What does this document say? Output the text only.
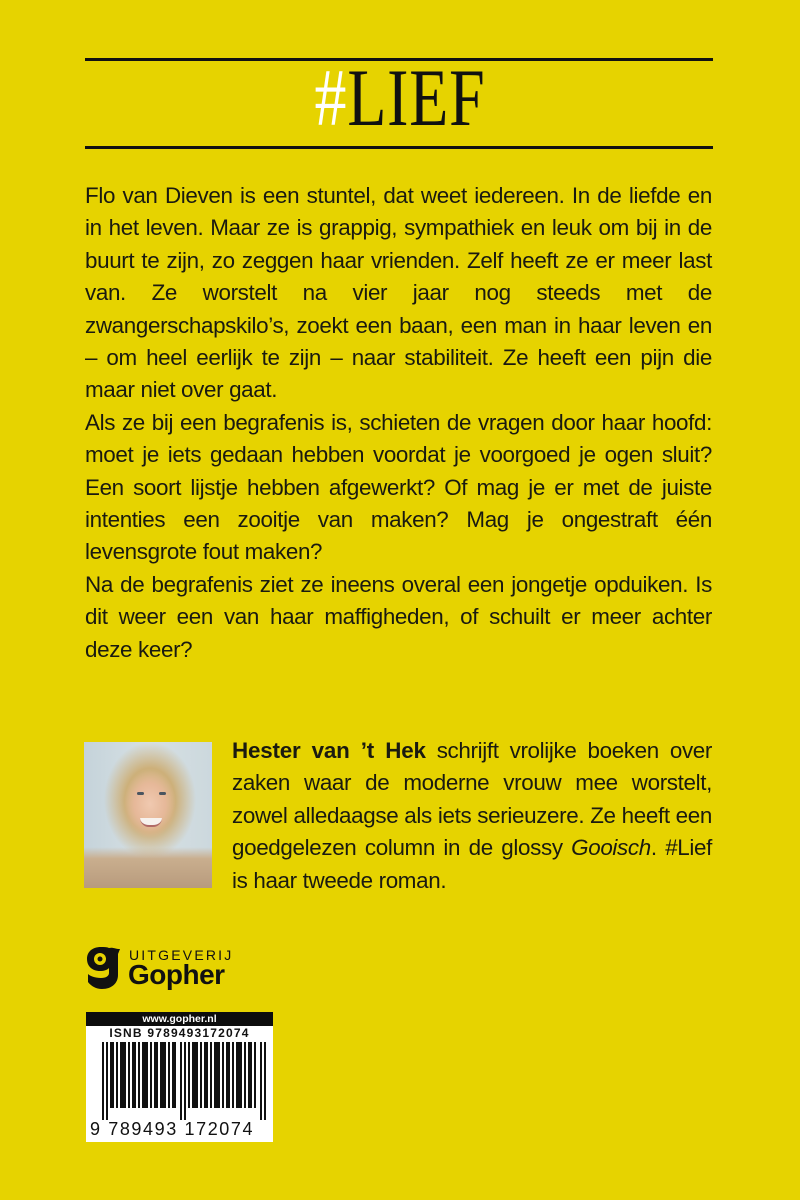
#LIEF

Flo van Dieven is een stuntel, dat weet iedereen. In de liefde en in het leven. Maar ze is grappig, sympathiek en leuk om bij in de buurt te zijn, zo zeggen haar vrienden. Zelf heeft ze er meer last van. Ze worstelt na vier jaar nog steeds met de zwangerschapskilo’s, zoekt een baan, een man in haar leven en – om heel eerlijk te zijn – naar stabiliteit. Ze heeft een pijn die maar niet over gaat.

Als ze bij een begrafenis is, schieten de vragen door haar hoofd: moet je iets gedaan hebben voordat je voorgoed je ogen sluit? Een soort lijstje hebben afgewerkt? Of mag je er met de juiste intenties een zooitje van maken? Mag je ongestraft één levensgrote fout maken?

Na de begrafenis ziet ze ineens overal een jongetje opduiken. Is dit weer een van haar maffigheden, of schuilt er meer achter deze keer?

Hester van ’t Hek schrijft vrolijke boeken over zaken waar de moderne vrouw mee worstelt, zowel alledaagse als iets serieuzere. Ze heeft een goedgelezen column in de glossy Gooisch. #Lief is haar tweede roman.

UITGEVERIJ
Gopher
www.gopher.nl
ISNB 9789493172074
9 789493 172074
